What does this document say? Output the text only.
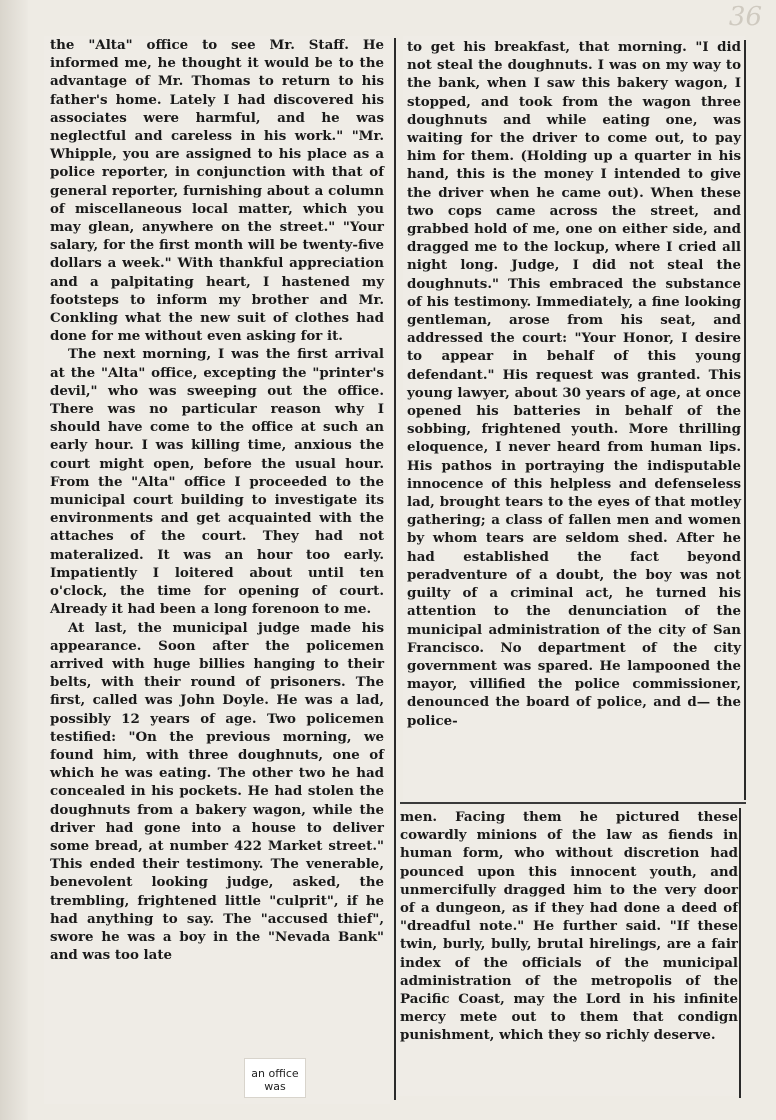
36

the "Alta" office to see Mr. Staff. He informed me, he thought it would be to the advantage of Mr. Thomas to return to his father's home. Lately I had discovered his associates were harmful, and he was neglectful and careless in his work." "Mr. Whipple, you are assigned to his place as a police reporter, in conjunction with that of general reporter, furnishing about a column of miscellaneous local matter, which you may glean, anywhere on the street." "Your salary, for the first month will be twenty-five dollars a week." With thankful appreciation and a palpitating heart, I hastened my footsteps to inform my brother and Mr. Conkling what the new suit of clothes had done for me without even asking for it.

The next morning, I was the first arrival at the "Alta" office, excepting the "printer's devil," who was sweeping out the office. There was no particular reason why I should have come to the office at such an early hour. I was killing time, anxious the court might open, before the usual hour. From the "Alta" office I proceeded to the municipal court building to investigate its environments and get acquainted with the attaches of the court. They had not materalized. It was an hour too early. Impatiently I loitered about until ten o'clock, the time for opening of court. Already it had been a long forenoon to me.

At last, the municipal judge made his appearance. Soon after the policemen arrived with huge billies hanging to their belts, with their round of prisoners. The first, called was John Doyle. He was a lad, possibly 12 years of age. Two policemen testified: "On the previous morning, we found him, with three doughnuts, one of which he was eating. The other two he had concealed in his pockets. He had stolen the doughnuts from a bakery wagon, while the driver had gone into a house to deliver some bread, at number 422 Market street." This ended their testimony. The venerable, benevolent looking judge, asked, the trembling, frightened little "culprit", if he had anything to say. The "accused thief", swore he was a boy in the "Nevada Bank" and was too late

to get his breakfast, that morning. "I did not steal the doughnuts. I was on my way to the bank, when I saw this bakery wagon, I stopped, and took from the wagon three doughnuts and while eating one, was waiting for the driver to come out, to pay him for them. (Holding up a quarter in his hand, this is the money I intended to give the driver when he came out). When these two cops came across the street, and grabbed hold of me, one on either side, and dragged me to the lockup, where I cried all night long. Judge, I did not steal the doughnuts." This embraced the substance of his testimony. Immediately, a fine looking gentleman, arose from his seat, and addressed the court: "Your Honor, I desire to appear in behalf of this young defendant." His request was granted. This young lawyer, about 30 years of age, at once opened his batteries in behalf of the sobbing, frightened youth. More thrilling eloquence, I never heard from human lips. His pathos in portraying the indisputable innocence of this helpless and defenseless lad, brought tears to the eyes of that motley gathering; a class of fallen men and women by whom tears are seldom shed. After he had established the fact beyond peradventure of a doubt, the boy was not guilty of a criminal act, he turned his attention to the denunciation of the municipal administration of the city of San Francisco. No department of the city government was spared. He lampooned the mayor, villified the police commissioner, denounced the board of police, and d— the police-

men. Facing them he pictured these cowardly minions of the law as fiends in human form, who without discretion had pounced upon this innocent youth, and unmercifully dragged him to the very door of a dungeon, as if they had done a deed of "dreadful note." He further said. "If these twin, burly, bully, brutal hirelings, are a fair index of the officials of the municipal administration of the metropolis of the Pacific Coast, may the Lord in his infinite mercy mete out to them that condign punishment, which they so richly deserve.

an office was
